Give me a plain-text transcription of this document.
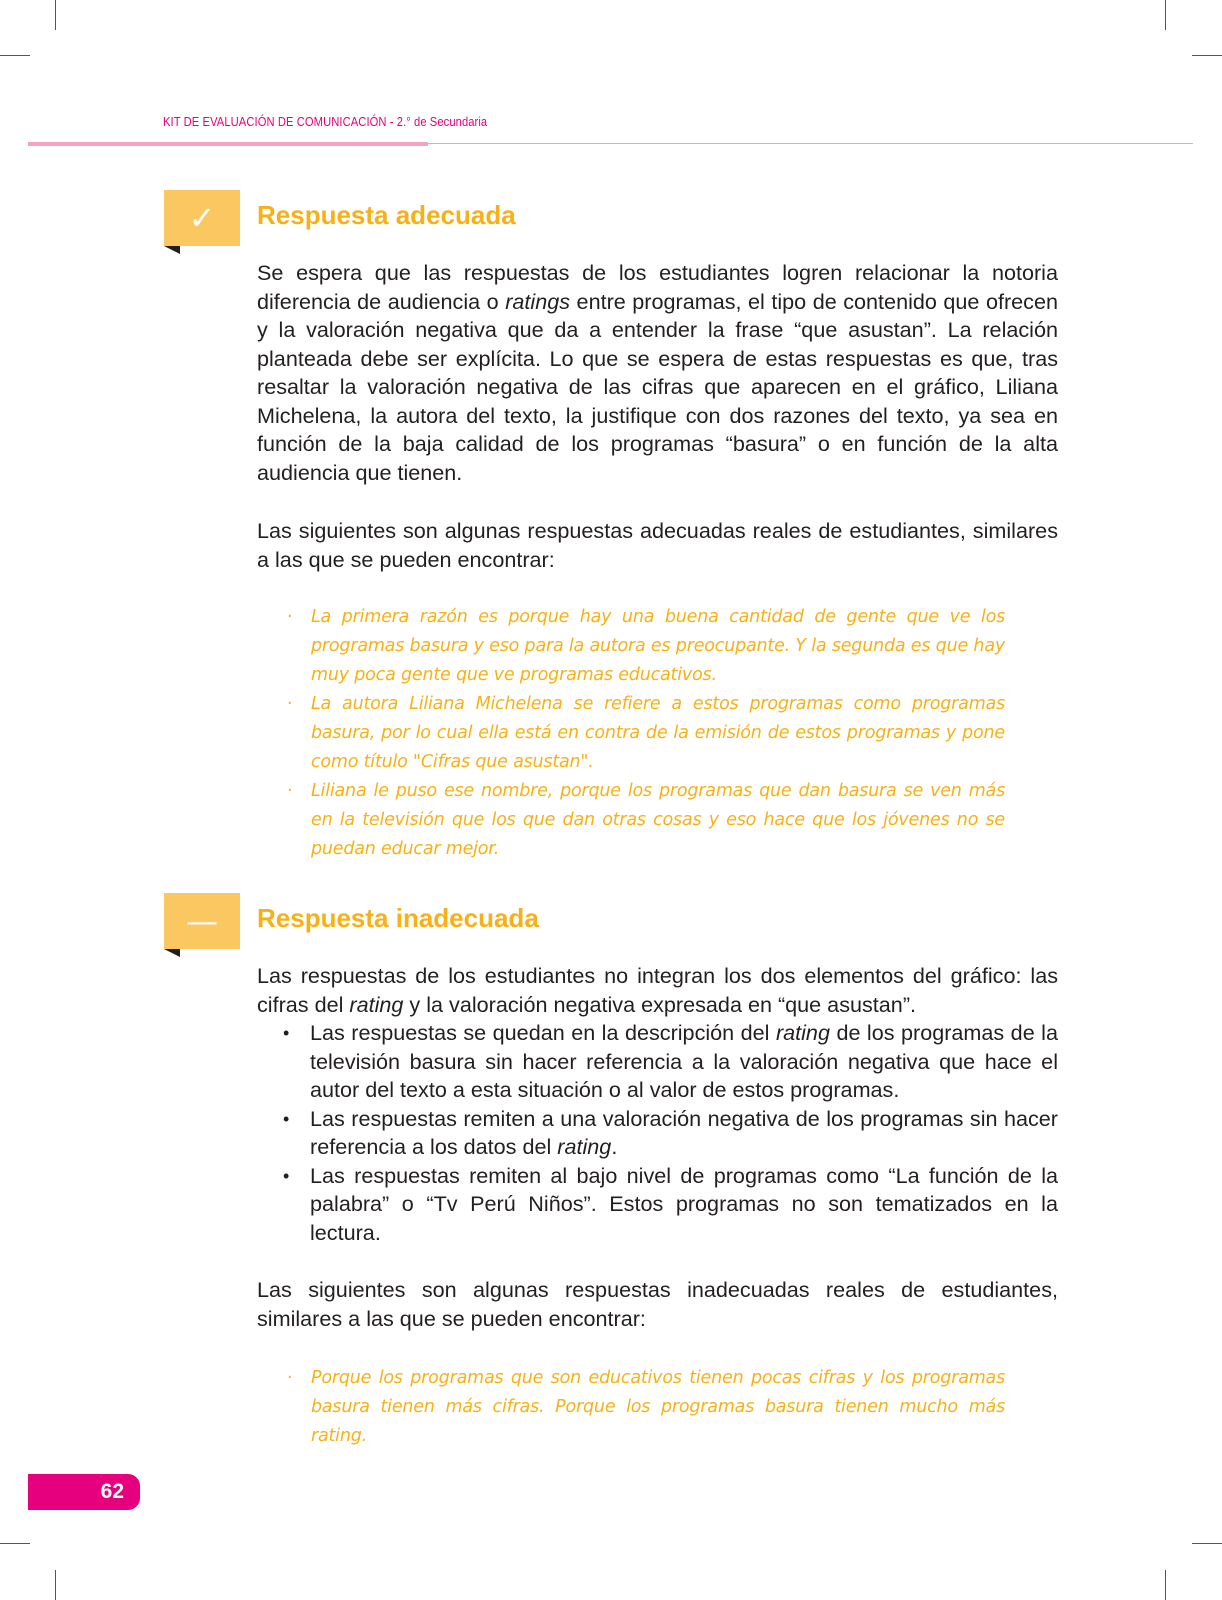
KIT DE EVALUACIÓN DE COMUNICACIÓN - 2.° de Secundaria
✓ Respuesta adecuada

Se espera que las respuestas de los estudiantes logren relacionar la notoria diferencia de audiencia o ratings entre programas, el tipo de contenido que ofrecen y la valoración negativa que da a entender la frase “que asustan”. La relación planteada debe ser explícita. Lo que se espera de estas respuestas es que, tras resaltar la valoración negativa de las cifras que aparecen en el gráfico, Liliana Michelena, la autora del texto, la justifique con dos razones del texto, ya sea en función de la baja calidad de los programas “basura” o en función de la alta audiencia que tienen.

Las siguientes son algunas respuestas adecuadas reales de estudiantes, similares a las que se pueden encontrar:

· La primera razón es porque hay una buena cantidad de gente que ve los programas basura y eso para la autora es preocupante. Y la segunda es que hay muy poca gente que ve programas educativos.
· La autora Liliana Michelena se refiere a estos programas como programas basura, por lo cual ella está en contra de la emisión de estos programas y pone como título "Cifras que asustan".
· Liliana le puso ese nombre, porque los programas que dan basura se ven más en la televisión que los que dan otras cosas y eso hace que los jóvenes no se puedan educar mejor.
— Respuesta inadecuada

Las respuestas de los estudiantes no integran los dos elementos del gráfico: las cifras del rating y la valoración negativa expresada en “que asustan”.

• Las respuestas se quedan en la descripción del rating de los programas de la televisión basura sin hacer referencia a la valoración negativa que hace el autor del texto a esta situación o al valor de estos programas.
• Las respuestas remiten a una valoración negativa de los programas sin hacer referencia a los datos del rating.
• Las respuestas remiten al bajo nivel de programas como “La función de la palabra” o “Tv Perú Niños”. Estos programas no son tematizados en la lectura.

Las siguientes son algunas respuestas inadecuadas reales de estudiantes, similares a las que se pueden encontrar:

· Porque los programas que son educativos tienen pocas cifras y los programas basura tienen más cifras. Porque los programas basura tienen mucho más rating.
62
